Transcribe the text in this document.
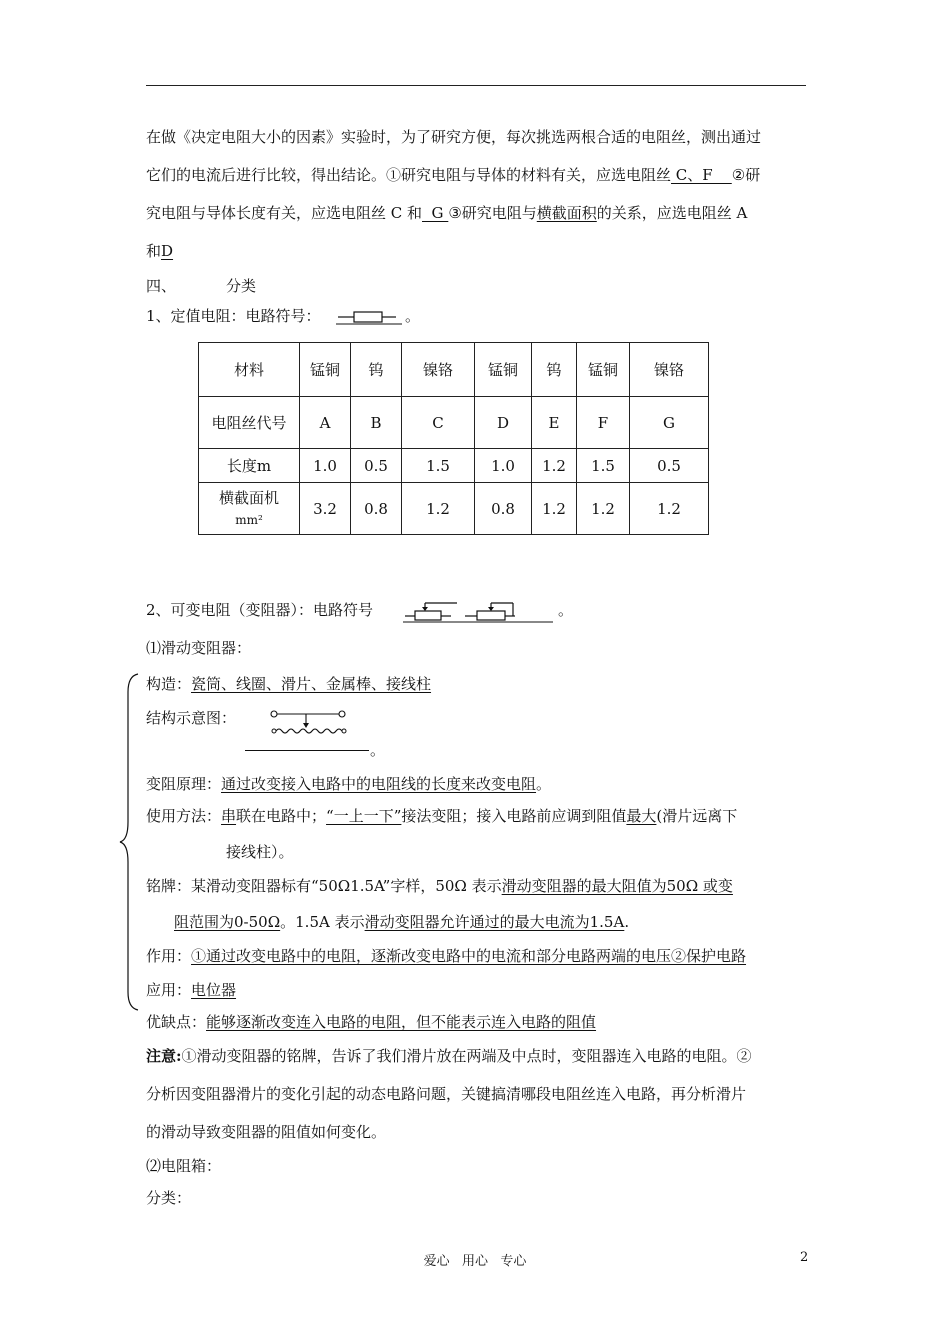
在做《决定电阻大小的因素》实验时，为了研究方便，每次挑选两根合适的电阻丝，测出通过
它们的电流后进行比较，得出结论。①研究电阻与导体的材料有关，应选电阻丝 C、F    ②研
究电阻与导体长度有关，应选电阻丝 C 和  G ③研究电阻与横截面积的关系，应选电阻丝 A
和D
四、	分类
1、定值电阻：电路符号：	。
材料	锰铜	钨	镍铬	锰铜	钨	锰铜	镍铬
电阻丝代号	A	B	C	D	E	F	G
长度m	1.0	0.5	1.5	1.0	1.2	1.5	0.5

横截面机
mm²	3.2	0.8	1.2	0.8	1.2	1.2	1.2
2、可变电阻（变阻器）：电路符号	。
⑴滑动变阻器：
构造：瓷筒、线圈、滑片、金属棒、接线柱
结构示意图：
。
变阻原理：通过改变接入电路中的电阻线的长度来改变电阻。
使用方法：串联在电路中；“一上一下”接法变阻；接入电路前应调到阻值最大(滑片远离下
接线柱）。
铭牌：某滑动变阻器标有“50Ω1.5A”字样，50Ω 表示滑动变阻器的最大阻值为50Ω 或变
阻范围为0-50Ω。1.5A 表示滑动变阻器允许通过的最大电流为1.5A.
作用：①通过改变电路中的电阻，逐渐改变电路中的电流和部分电路两端的电压②保护电路
应用：电位器
优缺点：能够逐渐改变连入电路的电阻，但不能表示连入电路的阻值
注意:①滑动变阻器的铭牌，告诉了我们滑片放在两端及中点时，变阻器连入电路的电阻。②
分析因变阻器滑片的变化引起的动态电路问题，关键搞清哪段电阻丝连入电路，再分析滑片
的滑动导致变阻器的阻值如何变化。
⑵电阻箱：
分类：
爱心   用心   专心	2
